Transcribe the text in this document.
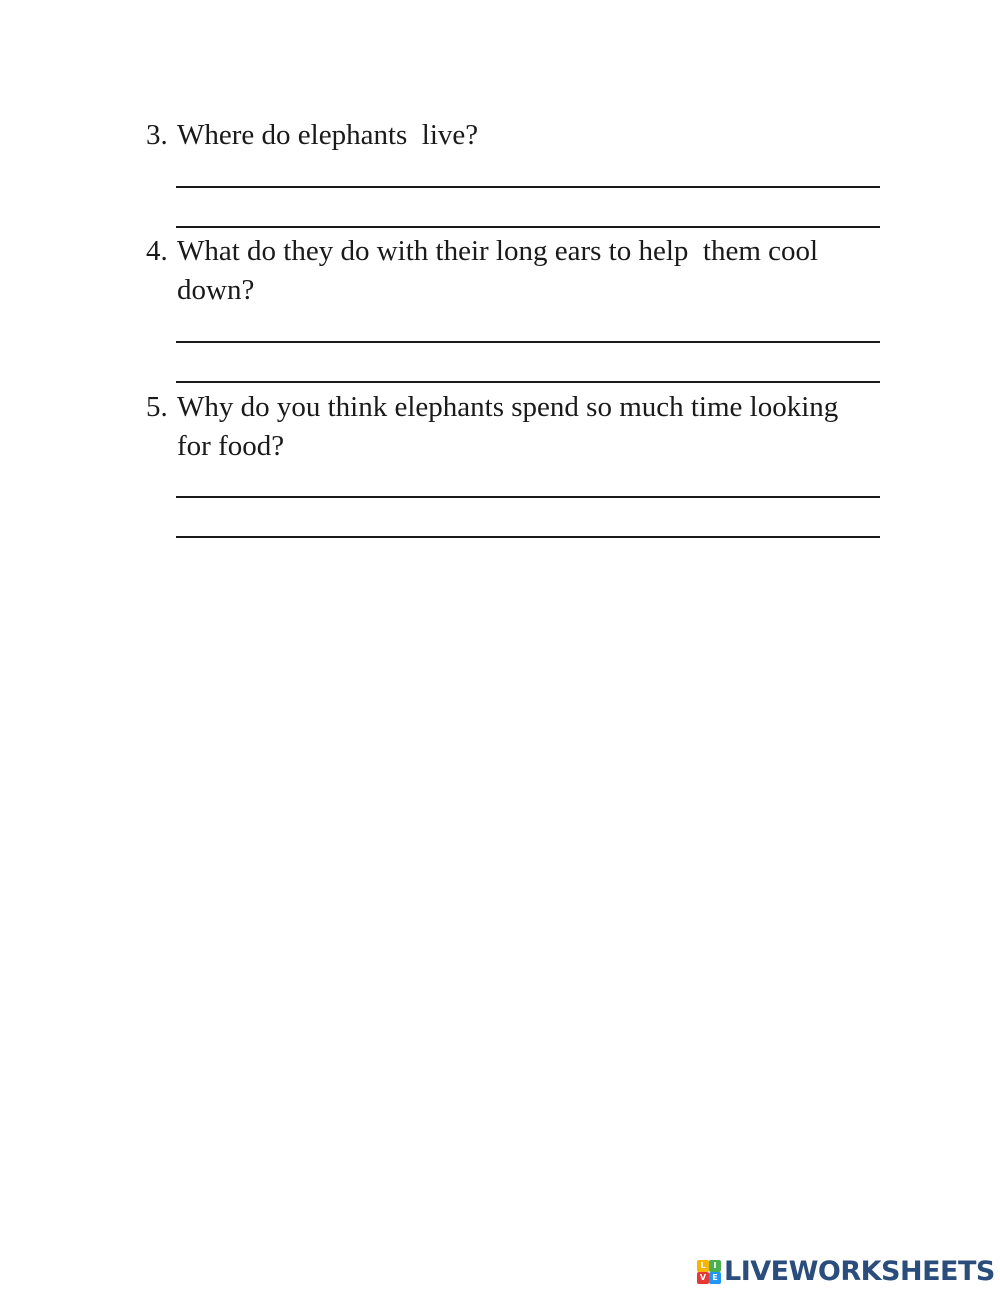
3. Where do elephants  live?
4. What do they do with their long ears to help  them cool
down?
5. Why do you think elephants spend so much time looking
for food?
L I
V E LIVEWORKSHEETS
